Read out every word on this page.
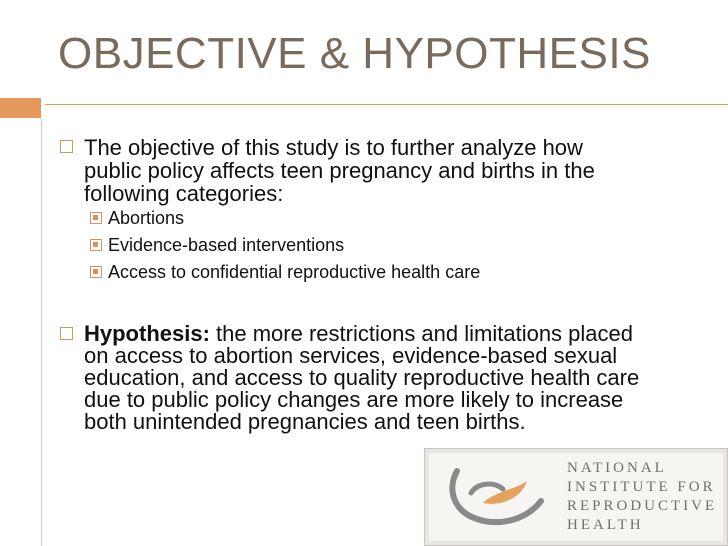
OBJECTIVE & HYPOTHESIS
The objective of this study is to further analyze how public policy affects teen pregnancy and births in the following categories:
Abortions
Evidence-based interventions
Access to confidential reproductive health care
Hypothesis: the more restrictions and limitations placed on access to abortion services, evidence-based sexual education, and access to quality reproductive health care due to public policy changes are more likely to increase both unintended pregnancies and teen births.
NATIONAL
INSTITUTE FOR
REPRODUCTIVE
HEALTH
